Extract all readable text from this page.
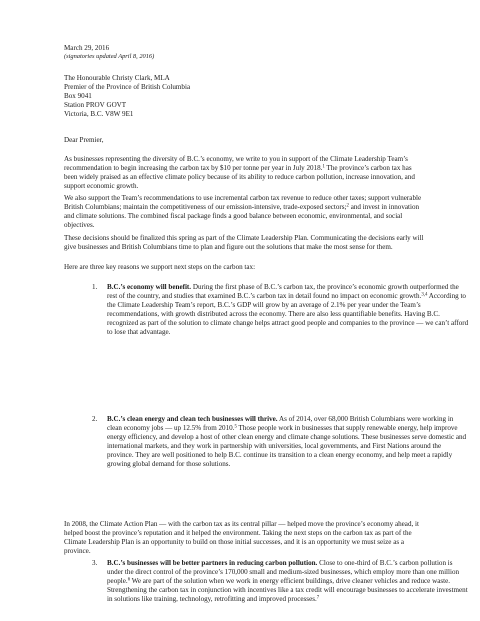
March 29, 2016
(signatories updated April 8, 2016)
The Honourable Christy Clark, MLA
Premier of the Province of British Columbia
Box 9041
Station PROV GOVT
Victoria, B.C. V8W 9E1
Dear Premier,

As businesses representing the diversity of B.C.’s economy, we write to you in support of the Climate Leadership Team’s recommendation to begin increasing the carbon tax by $10 per tonne per year in July 2018.$^1$ The province’s carbon tax has been widely praised as an effective climate policy because of its ability to reduce carbon pollution, increase innovation, and support economic growth.

We also support the Team’s recommendations to use incremental carbon tax revenue to reduce other taxes; support vulnerable British Columbians; maintain the competitiveness of our emission-intensive, trade-exposed sectors;$^2$ and invest in innovation and climate solutions. The combined fiscal package finds a good balance between economic, environmental, and social objectives.

These decisions should be finalized this spring as part of the Climate Leadership Plan. Communicating the decisions early will give businesses and British Columbians time to plan and figure out the solutions that make the most sense for them.

Here are three key reasons we support next steps on the carbon tax:

1. B.C.’s economy will benefit. During the first phase of B.C.’s carbon tax, the province’s economic growth outperformed the rest of the country, and studies that examined B.C.’s carbon tax in detail found no impact on economic growth.$^{3,4}$ According to the Climate Leadership Team’s report, B.C.’s GDP will grow by an average of 2.1% per year under the Team’s recommendations, with growth distributed across the economy. There are also less quantifiable benefits. Having B.C. recognized as part of the solution to climate change helps attract good people and companies to the province — we can’t afford to lose that advantage.
2. B.C.’s clean energy and clean tech businesses will thrive. As of 2014, over 68,000 British Columbians were working in clean economy jobs — up 12.5% from 2010.$^5$ Those people work in businesses that supply renewable energy, help improve energy efficiency, and develop a host of other clean energy and climate change solutions. These businesses serve domestic and international markets, and they work in partnership with universities, local governments, and First Nations around the province. They are well positioned to help B.C. continue its transition to a clean energy economy, and help meet a rapidly growing global demand for those solutions.
3. B.C.’s businesses will be better partners in reducing carbon pollution. Close to one-third of B.C.’s carbon pollution is under the direct control of the province’s 170,000 small and medium-sized businesses, which employ more than one million people.$^6$ We are part of the solution when we work in energy efficient buildings, drive cleaner vehicles and reduce waste. Strengthening the carbon tax in conjunction with incentives like a tax credit will encourage businesses to accelerate investment in solutions like training, technology, retrofitting and improved processes.$^7$

In 2008, the Climate Action Plan — with the carbon tax as its central pillar — helped move the province’s economy ahead, it helped boost the province’s reputation and it helped the environment. Taking the next steps on the carbon tax as part of the Climate Leadership Plan is an opportunity to build on those initial successes, and it is an opportunity we must seize as a province.
